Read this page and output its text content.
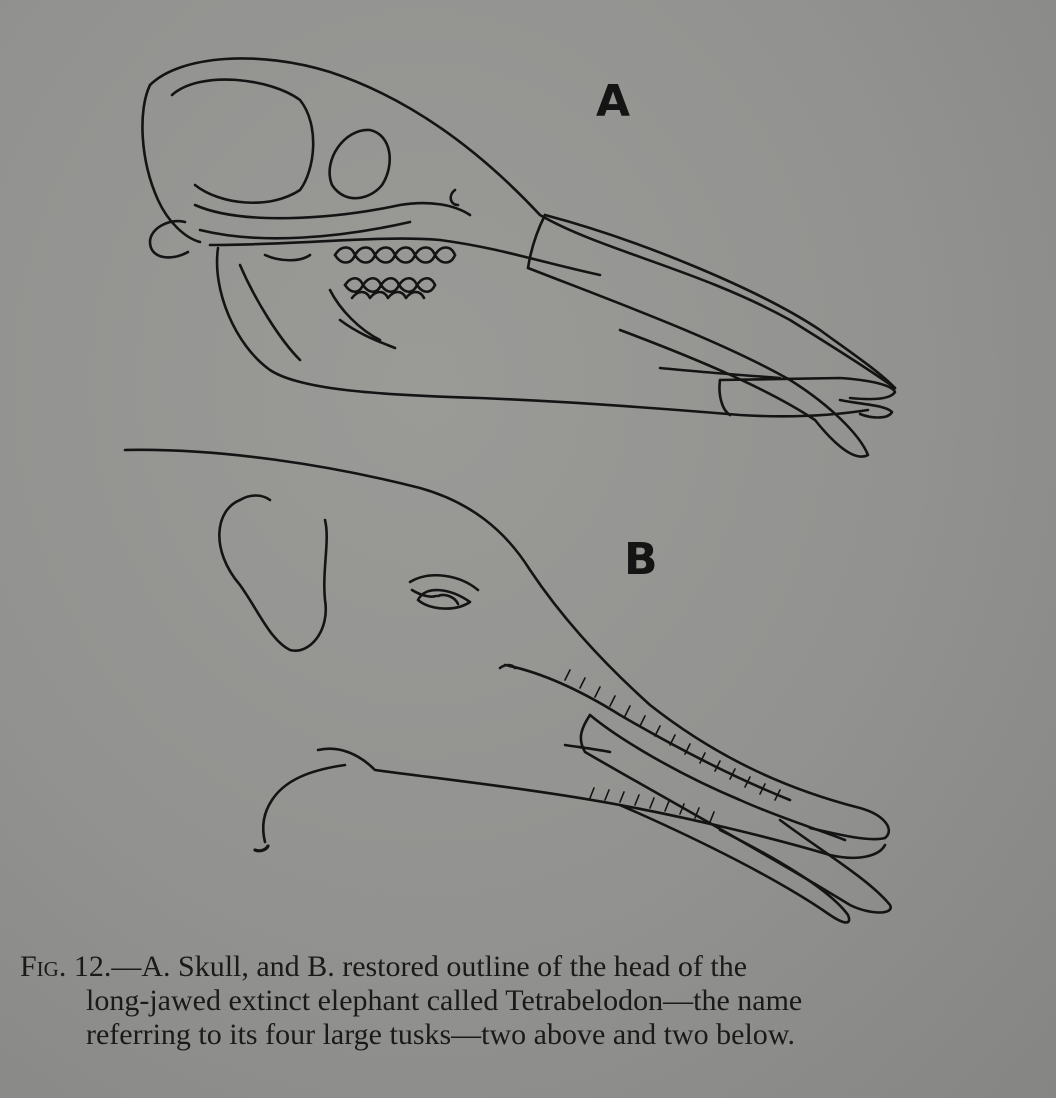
A
B
Fig. 12.—A. Skull, and B. restored outline of the head of the
long-jawed extinct elephant called Tetrabelodon—the name
referring to its four large tusks—two above and two below.
